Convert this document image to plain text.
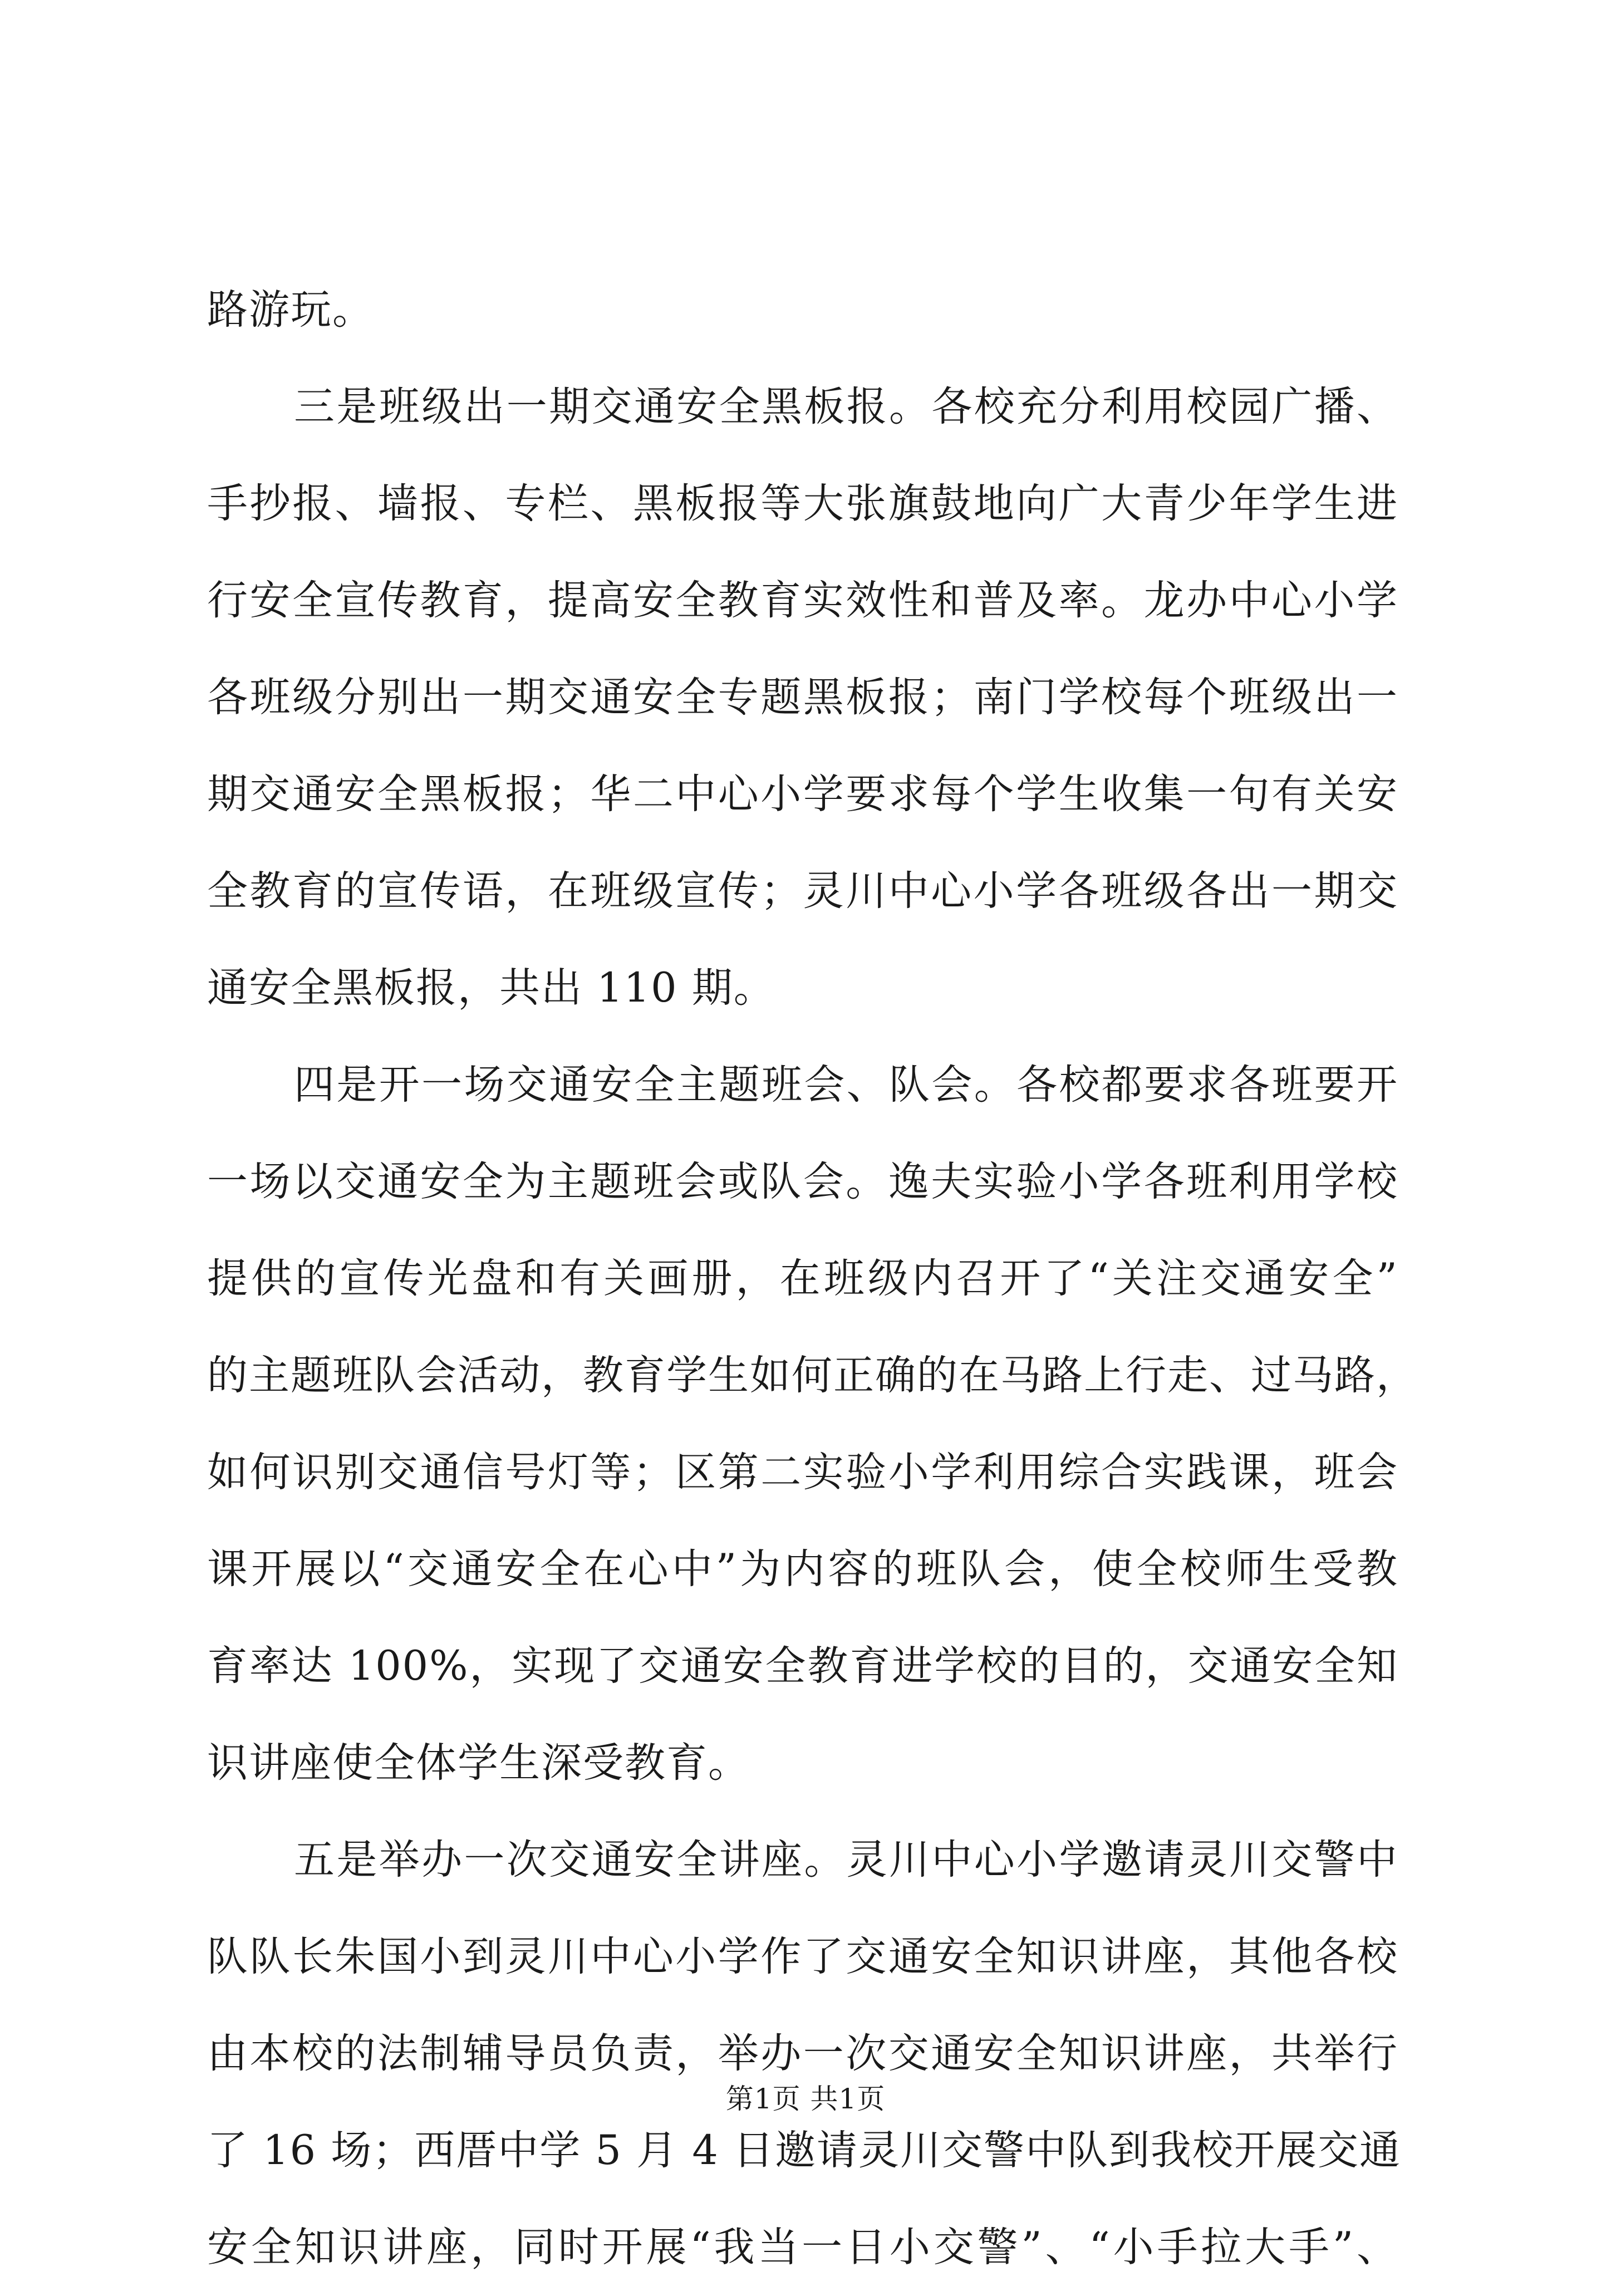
路游玩。
三是班级出一期交通安全黑板报。各校充分利用校园广播、
手抄报、墙报、专栏、黑板报等大张旗鼓地向广大青少年学生进
行安全宣传教育，提高安全教育实效性和普及率。龙办中心小学
各班级分别出一期交通安全专题黑板报；南门学校每个班级出一
期交通安全黑板报；华二中心小学要求每个学生收集一句有关安
全教育的宣传语，在班级宣传；灵川中心小学各班级各出一期交
通安全黑板报，共出 110 期。
四是开一场交通安全主题班会、队会。各校都要求各班要开
一场以交通安全为主题班会或队会。逸夫实验小学各班利用学校
提供的宣传光盘和有关画册，在班级内召开了“关注交通安全”
的主题班队会活动，教育学生如何正确的在马路上行走、过马路，
如何识别交通信号灯等；区第二实验小学利用综合实践课，班会
课开展以“交通安全在心中”为内容的班队会，使全校师生受教
育率达 100%，实现了交通安全教育进学校的目的，交通安全知
识讲座使全体学生深受教育。
五是举办一次交通安全讲座。灵川中心小学邀请灵川交警中
队队长朱国小到灵川中心小学作了交通安全知识讲座，其他各校
由本校的法制辅导员负责，举办一次交通安全知识讲座，共举行
了 16 场；西厝中学 5 月 4 日邀请灵川交警中队到我校开展交通
安全知识讲座，同时开展“我当一日小交警”、“小手拉大手”、
第1页 共1页
